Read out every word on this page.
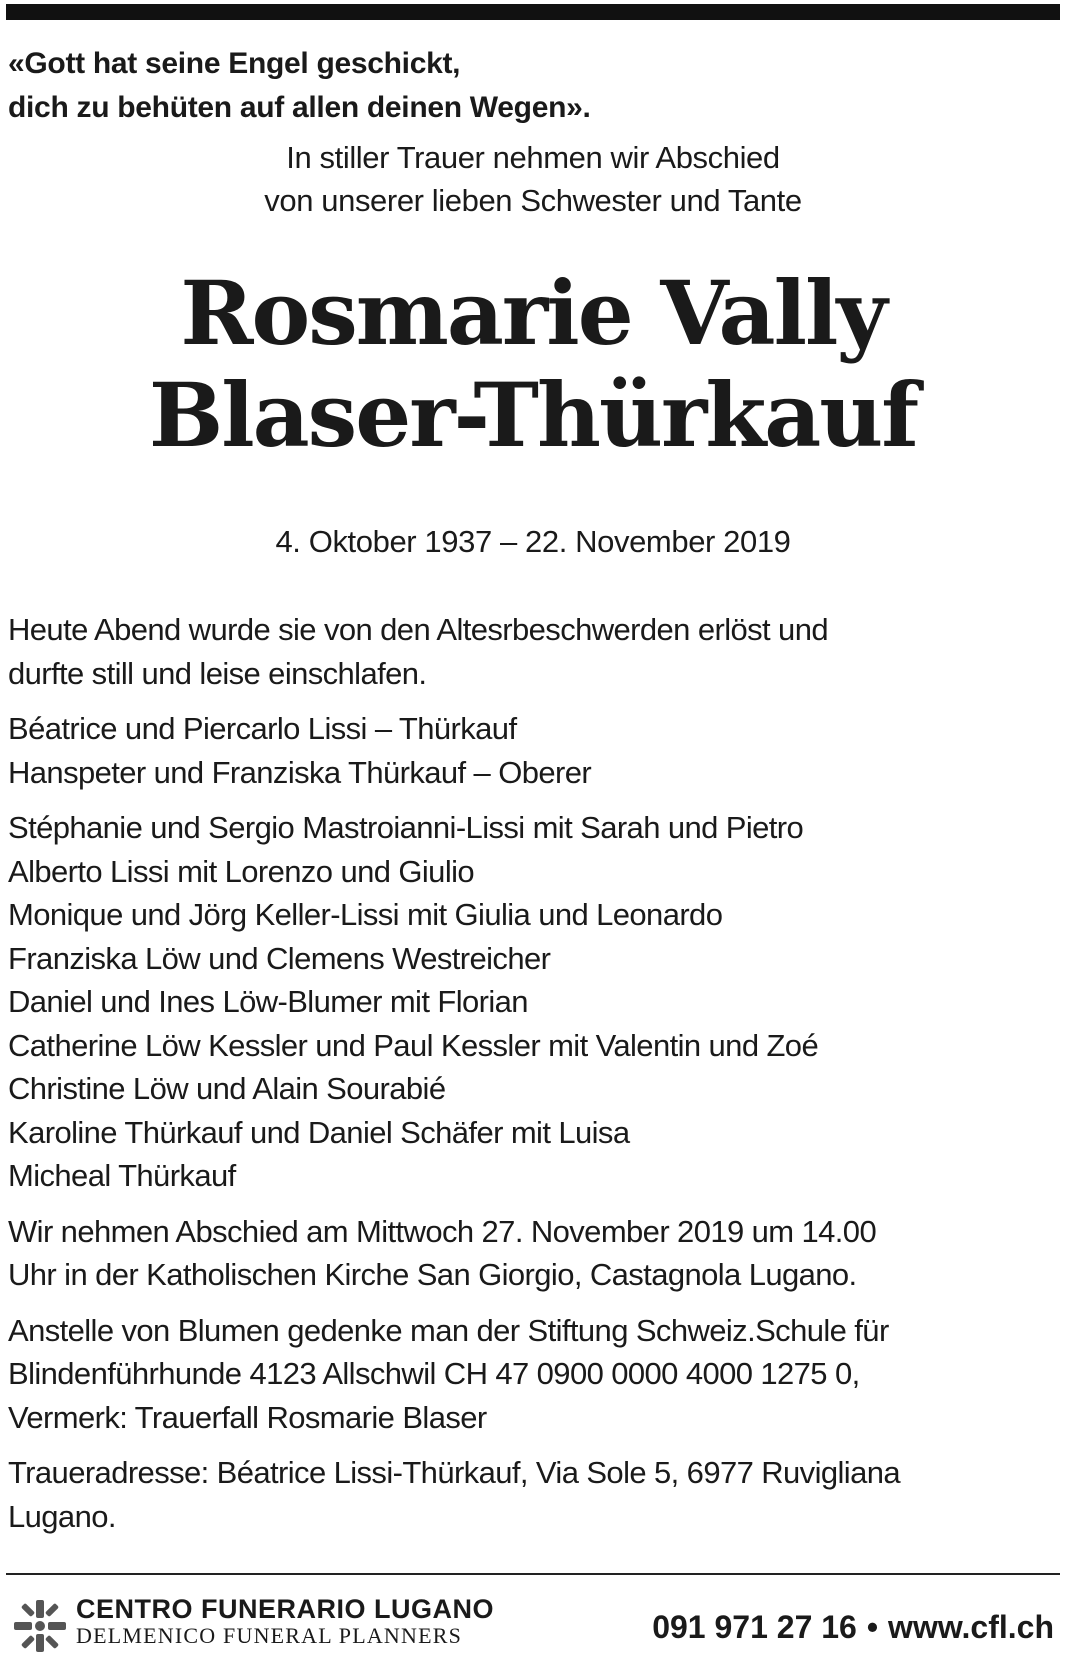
«Gott hat seine Engel geschickt,
dich zu behüten auf allen deinen Wegen».
In stiller Trauer nehmen wir Abschied
von unserer lieben Schwester und Tante
Rosmarie Vally
Blaser-Thürkauf
4. Oktober 1937 – 22. November 2019
Heute Abend wurde sie von den Altesrbeschwerden erlöst und
durfte still und leise einschlafen.
Béatrice und Piercarlo Lissi – Thürkauf
Hanspeter und Franziska Thürkauf – Oberer
Stéphanie und Sergio Mastroianni-Lissi mit Sarah und Pietro
Alberto Lissi mit Lorenzo und Giulio
Monique und Jörg Keller-Lissi mit Giulia und Leonardo
Franziska Löw und Clemens Westreicher
Daniel und Ines Löw-Blumer mit Florian
Catherine Löw Kessler und Paul Kessler mit Valentin und Zoé
Christine Löw und Alain Sourabié
Karoline Thürkauf und Daniel Schäfer mit Luisa
Micheal Thürkauf
Wir nehmen Abschied am Mittwoch 27. November 2019 um 14.00
Uhr in der Katholischen Kirche San Giorgio, Castagnola Lugano.
Anstelle von Blumen gedenke man der Stiftung Schweiz.Schule für
Blindenführhunde 4123 Allschwil CH 47 0900 0000 4000 1275 0,
Vermerk: Trauerfall Rosmarie Blaser
Traueradresse: Béatrice Lissi-Thürkauf, Via Sole 5, 6977 Ruvigliana
Lugano.
CENTRO FUNERARIO LUGANO
DELMENICO FUNERAL PLANNERS	091 971 27 16 • www.cfl.ch
